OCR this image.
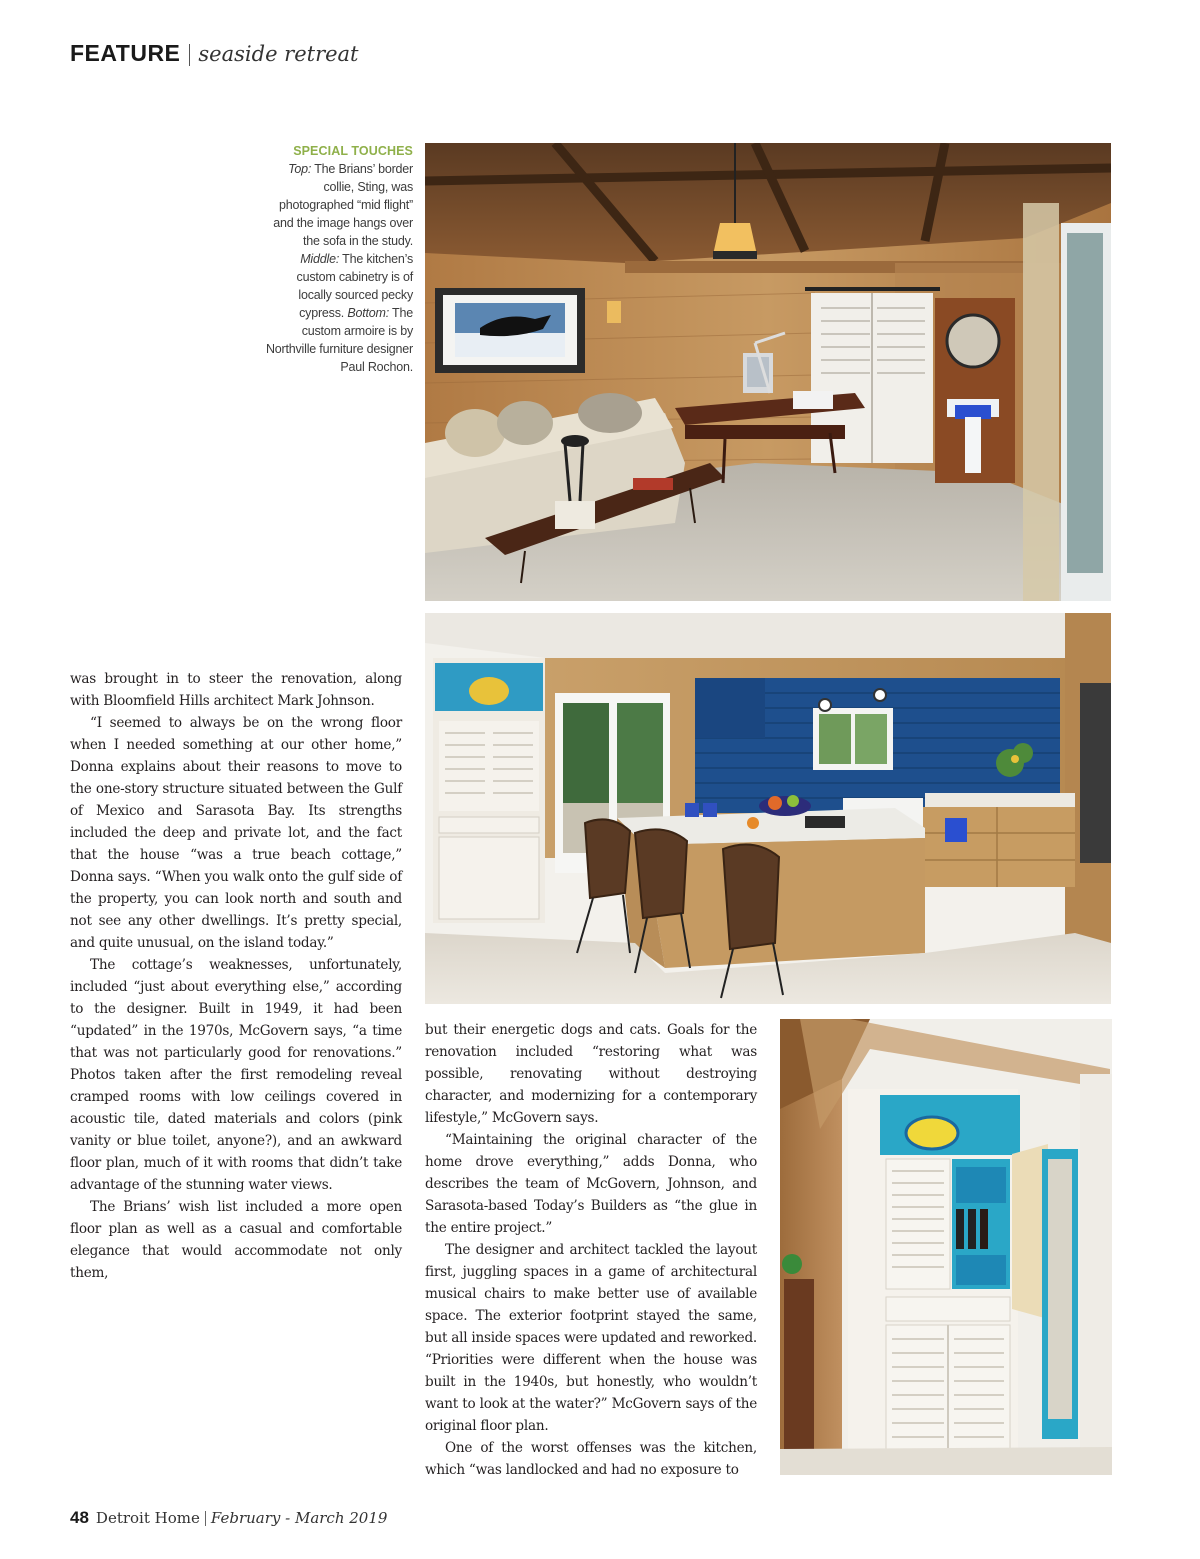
FEATURE seaside retreat
SPECIAL TOUCHES
Top: The Brians’ border collie, Sting, was photographed “mid flight” and the image hangs over the sofa in the study. Middle: The kitchen’s custom cabinetry is of locally sourced pecky cypress. Bottom: The custom armoire is by Northville furniture designer Paul Rochon.

was brought in to steer the renovation, along with Bloomfield Hills architect Mark Johnson.

“I seemed to always be on the wrong floor when I needed something at our other home,” Donna explains about their reasons to move to the one-story structure situated between the Gulf of Mexico and Sarasota Bay. Its strengths included the deep and private lot, and the fact that the house “was a true beach cottage,” Donna says. “When you walk onto the gulf side of the property, you can look north and south and not see any other dwellings. It’s pretty special, and quite unusual, on the island today.”

The cottage’s weaknesses, unfortunately, included “just about everything else,” according to the designer. Built in 1949, it had been “updated” in the 1970s, McGovern says, “a time that was not particularly good for renovations.” Photos taken after the first remodeling reveal cramped rooms with low ceilings covered in acoustic tile, dated materials and colors (pink vanity or blue toilet, anyone?), and an awkward floor plan, much of it with rooms that didn’t take advantage of the stunning water views.

The Brians’ wish list included a more open floor plan as well as a casual and comfortable elegance that would accommodate not only them,

but their energetic dogs and cats. Goals for the renovation included “restoring what was possible, renovating without destroying character, and modernizing for a contemporary lifestyle,” McGovern says.

“Maintaining the original character of the home drove everything,” adds Donna, who describes the team of McGovern, Johnson, and Sarasota-based Today’s Builders as “the glue in the entire project.”

The designer and architect tackled the layout first, juggling spaces in a game of architectural musical chairs to make better use of available space. The exterior footprint stayed the same, but all inside spaces were updated and reworked. “Priorities were different when the house was built in the 1940s, but honestly, who wouldn’t want to look at the water?” McGovern says of the original floor plan.

One of the worst offenses was the kitchen, which “was landlocked and had no exposure to

48 Detroit Home February - March 2019
